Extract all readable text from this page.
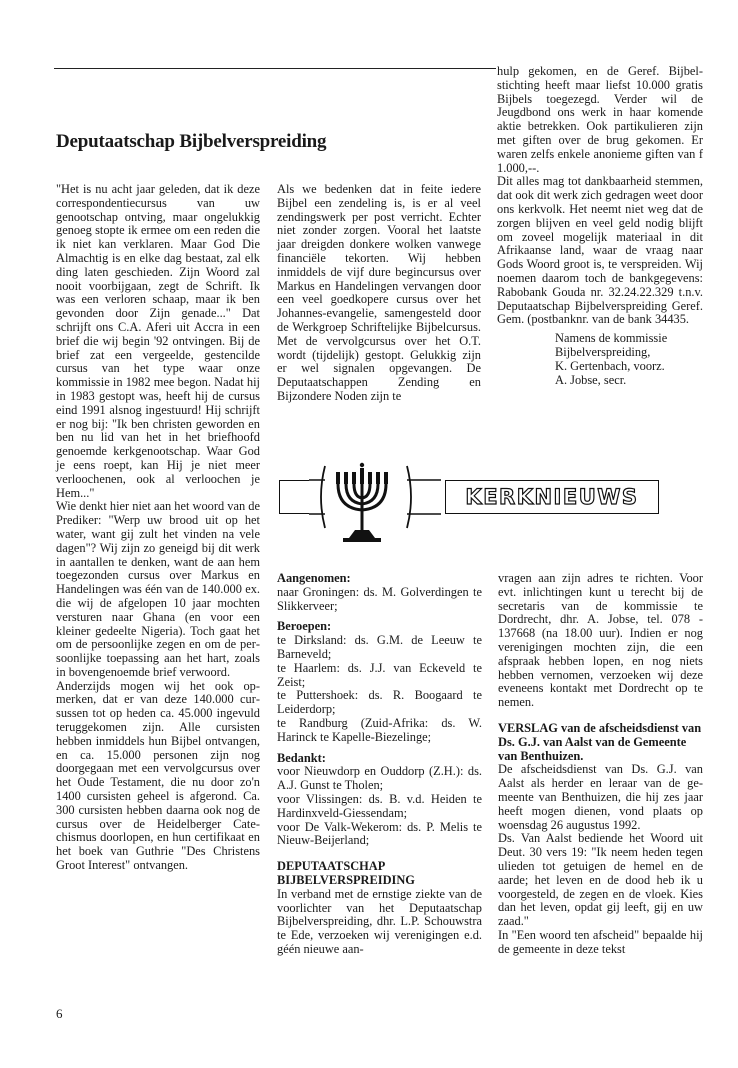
Deputaatschap Bijbelverspreiding

"Het is nu acht jaar geleden, dat ik deze correspondentiecursus van uw genootschap ontving, maar ongelukkig genoeg stopte ik ermee om een reden die ik niet kan verklaren. Maar God Die Almachtig is en elke dag bestaat, zal elk ding laten geschieden. Zijn Woord zal nooit voorbijgaan, zegt de Schrift. Ik was een verloren schaap, maar ik ben gevonden door Zijn genade..." Dat schrijft ons C.A. Aferi uit Accra in een brief die wij begin '92 ontvingen. Bij de brief zat een vergeelde, gestencilde cursus van het type waar onze kommissie in 1982 mee begon. Nadat hij in 1983 gestopt was, heeft hij de cursus eind 1991 alsnog ingestuurd! Hij schrijft er nog bij: "Ik ben christen geworden en ben nu lid van het in het briefhoofd genoemde kerkgenootschap. Waar God je eens roept, kan Hij je niet meer verloochenen, ook al verloochen je Hem..."

Wie denkt hier niet aan het woord van de Prediker: "Werp uw brood uit op het water, want gij zult het vinden na vele dagen"? Wij zijn zo geneigd bij dit werk in aantallen te denken, want de aan hem toegezonden cursus over Markus en Handelingen was één van de 140.000 ex. die wij de afgelopen 10 jaar mochten versturen naar Ghana (en voor een kleiner gedeelte Nigeria). Toch gaat het om de persoonlijke zegen en om de persoonlijke toepassing aan het hart, zoals in bovengenoemde brief verwoord.

Anderzijds mogen wij het ook opmerken, dat er van deze 140.000 cursussen tot op heden ca. 45.000 ingevuld teruggekomen zijn. Alle cursisten hebben inmiddels hun Bijbel ontvangen, en ca. 15.000 personen zijn nog doorgegaan met een vervolgcursus over het Oude Testament, die nu door zo'n 1400 cursisten geheel is afgerond. Ca. 300 cursisten hebben daarna ook nog de cursus over de Heidelberger Catechismus doorlopen, en hun certifikaat en het boek van Guthrie "Des Christens Groot Interest" ontvangen.

Als we bedenken dat in feite iedere Bijbel een zendeling is, is er al veel zendingswerk per post verricht. Echter niet zonder zorgen. Vooral het laatste jaar dreigden donkere wolken vanwege financiële tekorten. Wij hebben inmiddels de vijf dure begincursus over Markus en Handelingen vervangen door een veel goedkopere cursus over het Johannes-evangelie, samengesteld door de Werkgroep Schriftelijke Bijbelcursus. Met de vervolgcursus over het O.T. wordt (tijdelijk) gestopt. Gelukkig zijn er wel signalen opgevangen. De Deputaatschappen Zending en Bijzondere Noden zijn te

hulp gekomen, en de Geref. Bijbelstichting heeft maar liefst 10.000 gratis Bijbels toegezegd. Verder wil de Jeugdbond ons werk in haar komende aktie betrekken. Ook partikulieren zijn met giften over de brug gekomen. Er waren zelfs enkele anonieme giften van f 1.000,--.

Dit alles mag tot dankbaarheid stemmen, dat ook dit werk zich gedragen weet door ons kerkvolk. Het neemt niet weg dat de zorgen blijven en veel geld nodig blijft om zoveel mogelijk materiaal in dit Afrikaanse land, waar de vraag naar Gods Woord groot is, te verspreiden. Wij noemen daarom toch de bankgegevens: Rabobank Gouda nr. 32.24.22.329 t.n.v. Deputaatschap Bijbelverspreiding Geref. Gem. (postbanknr. van de bank 34435.

Namens de kommissie
Bijbelverspreiding,
K. Gertenbach, voorz.
A. Jobse, secr.
KERKNIEUWS

Aangenomen:

naar Groningen: ds. M. Golverdingen te Slikkerveer;

Beroepen:

te Dirksland: ds. G.M. de Leeuw te Barneveld;

te Haarlem: ds. J.J. van Eckeveld te Zeist;

te Puttershoek: ds. R. Boogaard te Leiderdorp;

te Randburg (Zuid-Afrika: ds. W. Harinck te Kapelle-Biezelinge;

Bedankt:

voor Nieuwdorp en Ouddorp (Z.H.): ds. A.J. Gunst te Tholen;

voor Vlissingen: ds. B. v.d. Heiden te Hardinxveld-Giessendam;

voor De Valk-Wekerom: ds. P. Melis te Nieuw-Beijerland;

DEPUTAATSCHAP
BIJBELVERSPREIDING

In verband met de ernstige ziekte van de voorlichter van het Deputaatschap Bijbelverspreiding, dhr. L.P. Schouwstra te Ede, verzoeken wij verenigingen e.d. géén nieuwe aan-

vragen aan zijn adres te richten. Voor evt. inlichtingen kunt u terecht bij de secretaris van de kommissie te Dordrecht, dhr. A. Jobse, tel. 078 - 137668 (na 18.00 uur). Indien er nog verenigingen mochten zijn, die een afspraak hebben lopen, en nog niets hebben vernomen, verzoeken wij deze eveneens kontakt met Dordrecht op te nemen.

VERSLAG van de afscheidsdienst van Ds. G.J. van Aalst van de Gemeente van Benthuizen.

De afscheidsdienst van Ds. G.J. van Aalst als herder en leraar van de gemeente van Benthuizen, die hij zes jaar heeft mogen dienen, vond plaats op woensdag 26 augustus 1992.

Ds. Van Aalst bediende het Woord uit Deut. 30 vers 19: "Ik neem heden tegen ulieden tot getuigen de hemel en de aarde; het leven en de dood heb ik u voorgesteld, de zegen en de vloek. Kies dan het leven, opdat gij leeft, gij en uw zaad."

In "Een woord ten afscheid" bepaalde hij de gemeente in deze tekst

6
